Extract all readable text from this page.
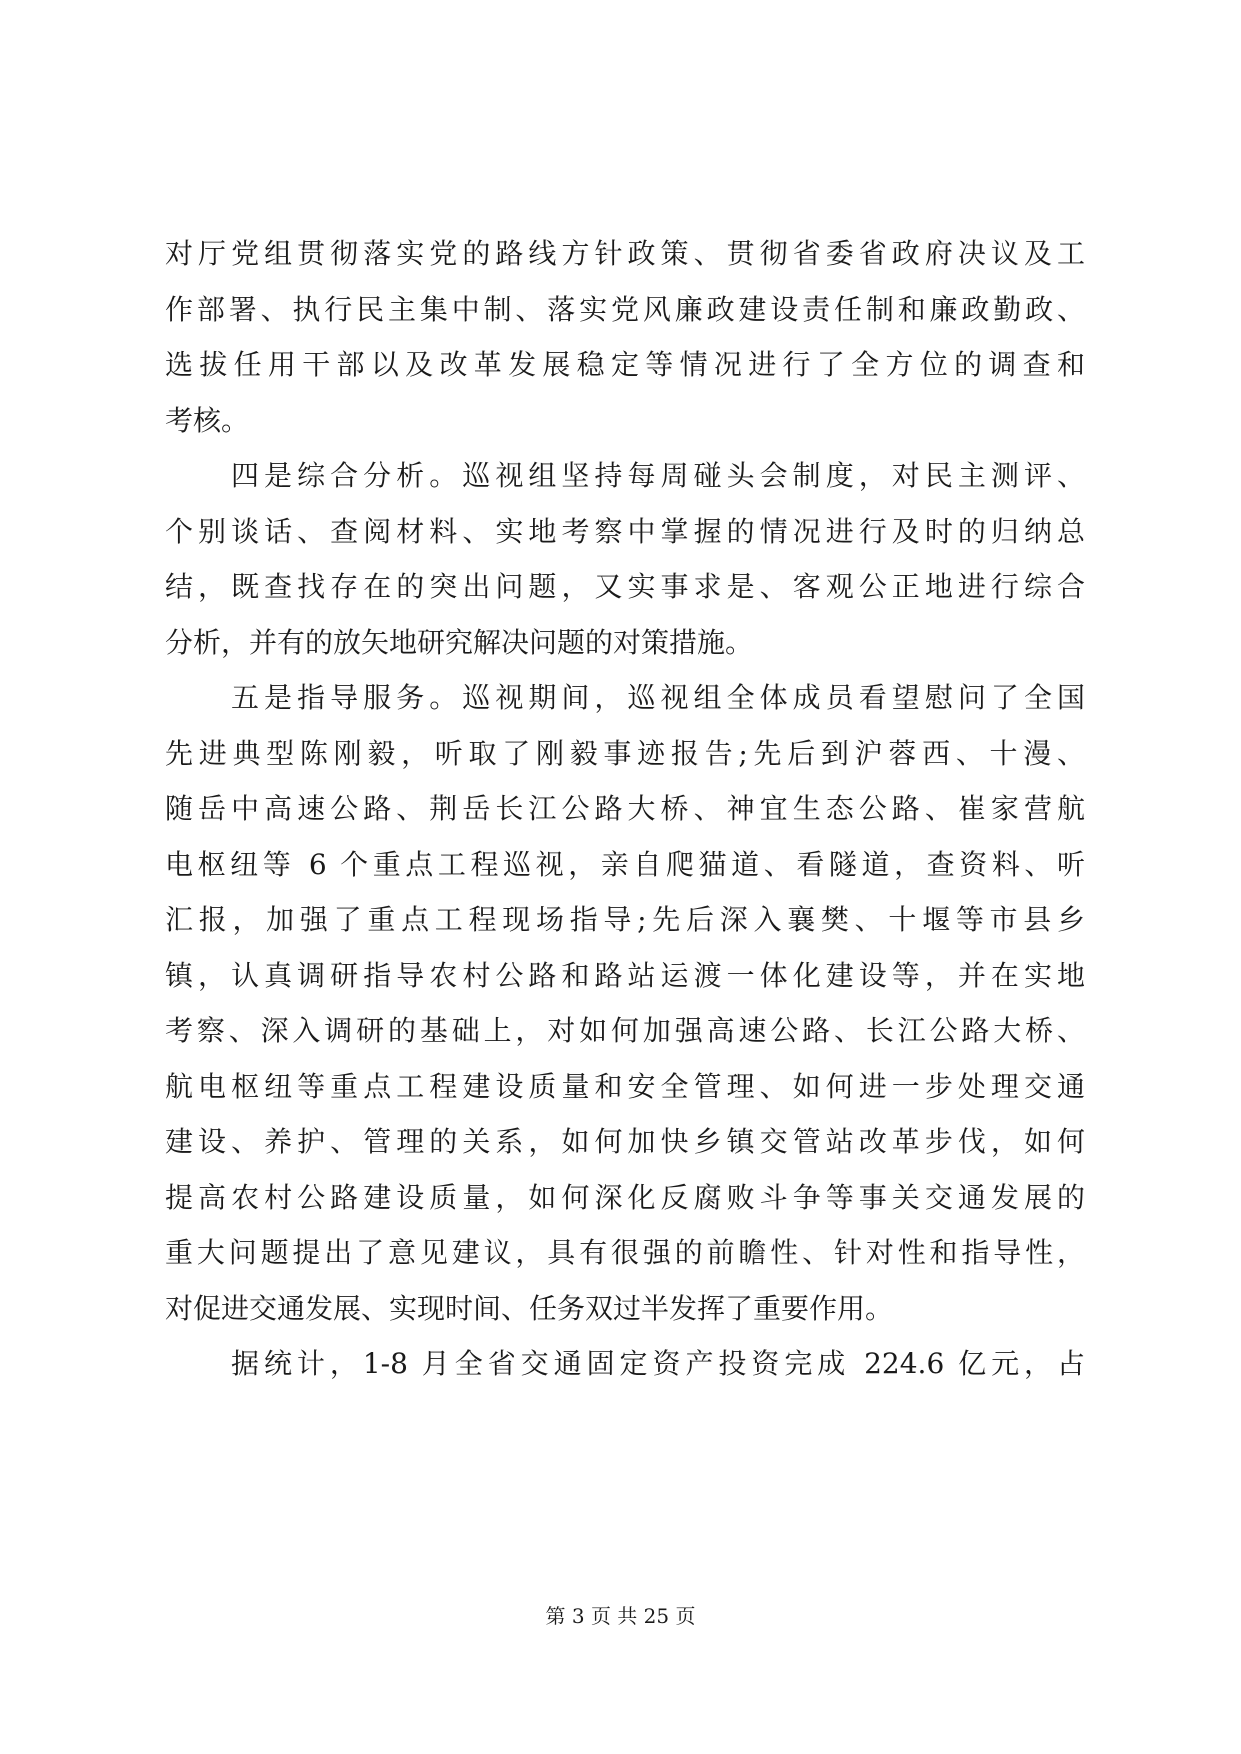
对厅党组贯彻落实党的路线方针政策、贯彻省委省政府决议及工
作部署、执行民主集中制、落实党风廉政建设责任制和廉政勤政、
选拔任用干部以及改革发展稳定等情况进行了全方位的调查和
考核。
四是综合分析。巡视组坚持每周碰头会制度，对民主测评、
个别谈话、查阅材料、实地考察中掌握的情况进行及时的归纳总
结，既查找存在的突出问题，又实事求是、客观公正地进行综合
分析，并有的放矢地研究解决问题的对策措施。
五是指导服务。巡视期间，巡视组全体成员看望慰问了全国
先进典型陈刚毅，听取了刚毅事迹报告;先后到沪蓉西、十漫、
随岳中高速公路、荆岳长江公路大桥、神宜生态公路、崔家营航
电枢纽等 6 个重点工程巡视，亲自爬猫道、看隧道，查资料、听
汇报，加强了重点工程现场指导;先后深入襄樊、十堰等市县乡
镇，认真调研指导农村公路和路站运渡一体化建设等，并在实地
考察、深入调研的基础上，对如何加强高速公路、长江公路大桥、
航电枢纽等重点工程建设质量和安全管理、如何进一步处理交通
建设、养护、管理的关系，如何加快乡镇交管站改革步伐，如何
提高农村公路建设质量，如何深化反腐败斗争等事关交通发展的
重大问题提出了意见建议，具有很强的前瞻性、针对性和指导性，
对促进交通发展、实现时间、任务双过半发挥了重要作用。
据统计，1-8 月全省交通固定资产投资完成 224.6 亿元，占
第 3 页 共 25 页
